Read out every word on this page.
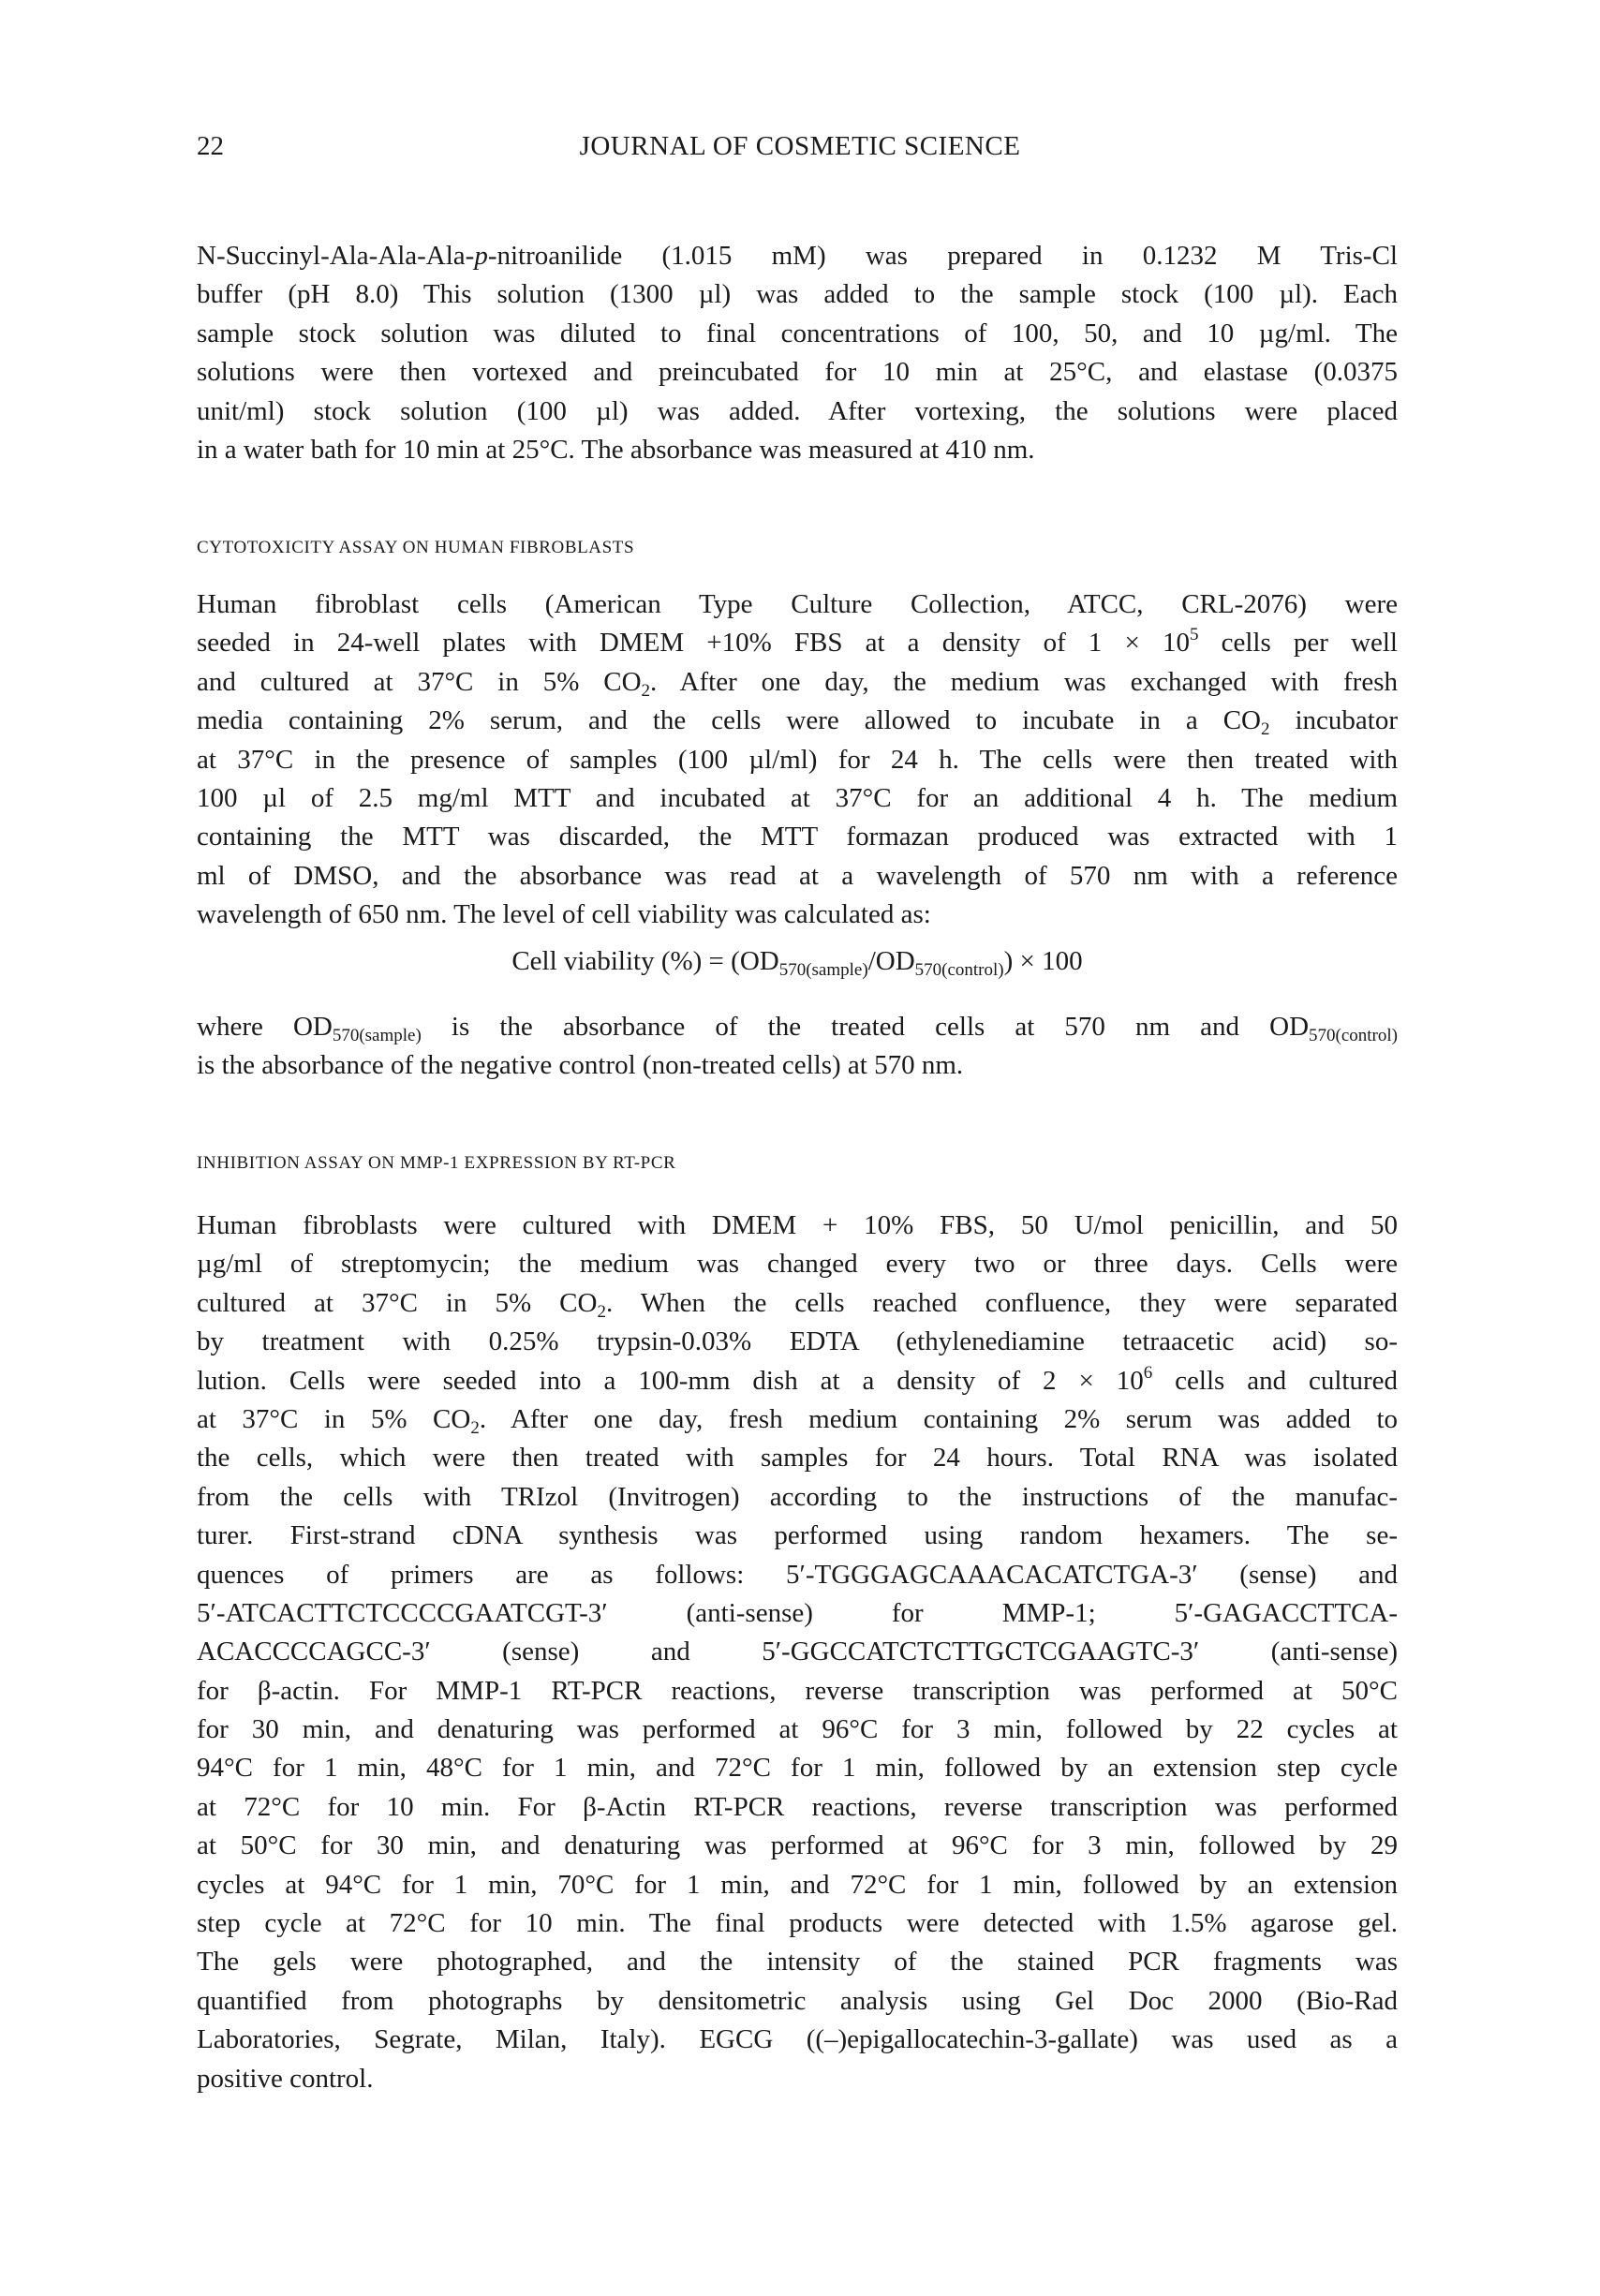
22	JOURNAL OF COSMETIC SCIENCE
N-Succinyl-Ala-Ala-Ala-p-nitroanilide (1.015 mM) was prepared in 0.1232 M Tris-Cl
buffer (pH 8.0) This solution (1300 µl) was added to the sample stock (100 µl). Each
sample stock solution was diluted to final concentrations of 100, 50, and 10 µg/ml. The
solutions were then vortexed and preincubated for 10 min at 25°C, and elastase (0.0375
unit/ml) stock solution (100 µl) was added. After vortexing, the solutions were placed
in a water bath for 10 min at 25°C. The absorbance was measured at 410 nm.
CYTOTOXICITY ASSAY ON HUMAN FIBROBLASTS
Human fibroblast cells (American Type Culture Collection, ATCC, CRL-2076) were
seeded in 24-well plates with DMEM +10% FBS at a density of $1 \times 10^5$ cells per well
and cultured at 37°C in 5% $CO_2$. After one day, the medium was exchanged with fresh
media containing 2% serum, and the cells were allowed to incubate in a $CO_2$ incubator
at 37°C in the presence of samples (100 µl/ml) for 24 h. The cells were then treated with
100 µl of 2.5 mg/ml MTT and incubated at 37°C for an additional 4 h. The medium
containing the MTT was discarded, the MTT formazan produced was extracted with 1
ml of DMSO, and the absorbance was read at a wavelength of 570 nm with a reference
wavelength of 650 nm. The level of cell viability was calculated as:
Cell viability (%) = $(OD_{570(sample)}/OD_{570(control)}) \times 100$
where $OD_{570(sample)}$ is the absorbance of the treated cells at 570 nm and $OD_{570(control)}$
is the absorbance of the negative control (non-treated cells) at 570 nm.
INHIBITION ASSAY ON MMP-1 EXPRESSION BY RT-PCR
Human fibroblasts were cultured with DMEM + 10% FBS, 50 U/mol penicillin, and 50
µg/ml of streptomycin; the medium was changed every two or three days. Cells were
cultured at 37°C in 5% $CO_2$. When the cells reached confluence, they were separated
by treatment with 0.25% trypsin-0.03% EDTA (ethylenediamine tetraacetic acid) so-
lution. Cells were seeded into a 100-mm dish at a density of $2 \times 10^6$ cells and cultured
at 37°C in 5% $CO_2$. After one day, fresh medium containing 2% serum was added to
the cells, which were then treated with samples for 24 hours. Total RNA was isolated
from the cells with TRIzol (Invitrogen) according to the instructions of the manufac-
turer. First-strand cDNA synthesis was performed using random hexamers. The se-
quences of primers are as follows: 5′-TGGGAGCAAACACATCTGA-3′ (sense) and
5′-ATCACTTCTCCCCGAATCGT-3′ (anti-sense) for MMP-1; 5′-GAGACCTTCA-
ACACCCCAGCC-3′ (sense) and 5′-GGCCATCTCTTGCTCGAAGTC-3′ (anti-sense)
for β-actin. For MMP-1 RT-PCR reactions, reverse transcription was performed at 50°C
for 30 min, and denaturing was performed at 96°C for 3 min, followed by 22 cycles at
94°C for 1 min, 48°C for 1 min, and 72°C for 1 min, followed by an extension step cycle
at 72°C for 10 min. For β-Actin RT-PCR reactions, reverse transcription was performed
at 50°C for 30 min, and denaturing was performed at 96°C for 3 min, followed by 29
cycles at 94°C for 1 min, 70°C for 1 min, and 72°C for 1 min, followed by an extension
step cycle at 72°C for 10 min. The final products were detected with 1.5% agarose gel.
The gels were photographed, and the intensity of the stained PCR fragments was
quantified from photographs by densitometric analysis using Gel Doc 2000 (Bio-Rad
Laboratories, Segrate, Milan, Italy). EGCG ((–)epigallocatechin-3-gallate) was used as a
positive control.
